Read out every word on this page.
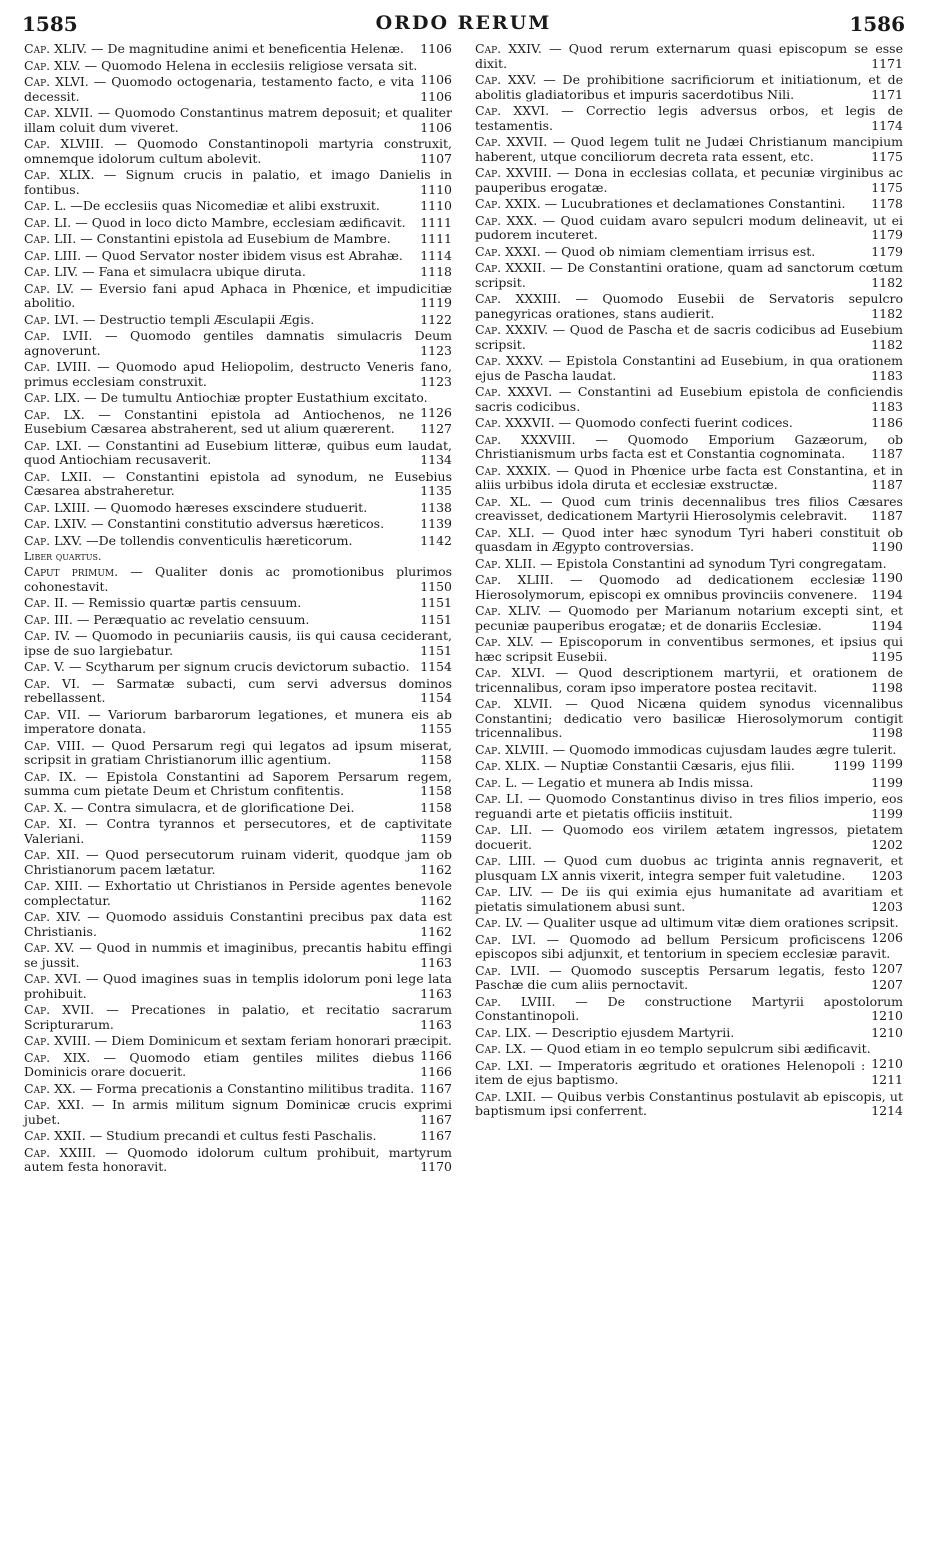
1585	ORDO RERUM	1586
Cap. XLIV. — De magnitudine animi et beneficentia Helenæ.	1106
Cap. XLV. — Quomodo Helena in ecclesiis religiose versata sit.
1106
Cap. XLVI. — Quomodo octogenaria, testamento facto, e vita decessit.	1106
Cap. XLVII. — Quomodo Constantinus matrem deposuit; et qualiter illam coluit dum viveret.	1106
Cap. XLVIII. — Quomodo Constantinopoli martyria construxit, omnemque idolorum cultum abolevit.	1107
Cap. XLIX. — Signum crucis in palatio, et imago Danielis in fontibus.	1110
Cap. L. —De ecclesiis quas Nicomediæ et alibi exstruxit.	1110
Cap. LI. — Quod in loco dicto Mambre, ecclesiam ædificavit.	1111
Cap. LII. — Constantini epistola ad Eusebium de Mambre.	1111
Cap. LIII. — Quod Servator noster ibidem visus est Abrahæ.	1114
Cap. LIV. — Fana et simulacra ubique diruta.	1118
Cap. LV. — Eversio fani apud Aphaca in Phœnice, et impudicitiæ abolitio.	1119
Cap. LVI. — Destructio templi Æsculapii Ægis.	1122
Cap. LVII. — Quomodo gentiles damnatis simulacris Deum agnoverunt.	1123
Cap. LVIII. — Quomodo apud Heliopolim, destructo Veneris fano, primus ecclesiam construxit.	1123
Cap. LIX. — De tumultu Antiochiæ propter Eustathium excitato.
1126
Cap. LX. — Constantini epistola ad Antiochenos, ne Eusebium Cæsarea abstraherent, sed ut alium quærerent.	1127
Cap. LXI. — Constantini ad Eusebium litteræ, quibus eum laudat, quod Antiochiam recusaverit.	1134
Cap. LXII. — Constantini epistola ad synodum, ne Eusebius Cæsarea abstraheretur.	1135
Cap. LXIII. — Quomodo hæreses exscindere studuerit.	1138
Cap. LXIV. — Constantini constitutio adversus hæreticos.	1139
Cap. LXV. —De tollendis conventiculis hæreticorum.	1142
Liber quartus.
Caput primum. — Qualiter donis ac promotionibus plurimos cohonestavit.	1150
Cap. II. — Remissio quartæ partis censuum.	1151
Cap. III. — Peræquatio ac revelatio censuum.	1151
Cap. IV. — Quomodo in pecuniariis causis, iis qui causa ceciderant, ipse de suo largiebatur.	1151
Cap. V. — Scytharum per signum crucis devictorum subactio. 1154
Cap. VI. — Sarmatæ subacti, cum servi adversus dominos rebellassent.	1154
Cap. VII. — Variorum barbarorum legationes, et munera eis ab imperatore donata.	1155
Cap. VIII. — Quod Persarum regi qui legatos ad ipsum miserat, scripsit in gratiam Christianorum illic agentium.	1158
Cap. IX. — Epistola Constantini ad Saporem Persarum regem, summa cum pietate Deum et Christum confitentis.	1158
Cap. X. — Contra simulacra, et de glorificatione Dei.	1158
Cap. XI. — Contra tyrannos et persecutores, et de captivitate Valeriani.	1159
Cap. XII. — Quod persecutorum ruinam viderit, quodque jam ob Christianorum pacem lætatur.	1162
Cap. XIII. — Exhortatio ut Christianos in Perside agentes benevole complectatur.	1162
Cap. XIV. — Quomodo assiduis Constantini precibus pax data est Christianis.	1162
Cap. XV. — Quod in nummis et imaginibus, precantis habitu effingi se jussit.	1163
Cap. XVI. — Quod imagines suas in templis idolorum poni lege lata prohibuit.	1163
Cap. XVII. — Precationes in palatio, et recitatio sacrarum Scripturarum.	1163
Cap. XVIII. — Diem Dominicum et sextam feriam honorari præcipit.
1166
Cap. XIX. — Quomodo etiam gentiles milites diebus Dominicis orare docuerit.	1166
Cap. XX. — Forma precationis a Constantino militibus tradita. 1167
Cap. XXI. — In armis militum signum Dominicæ crucis exprimi jubet.	1167
Cap. XXII. — Studium precandi et cultus festi Paschalis.	1167
Cap. XXIII. — Quomodo idolorum cultum prohibuit, martyrum autem festa honoravit.	1170
Cap. XXIV. — Quod rerum externarum quasi episcopum se esse dixit.	1171
Cap. XXV. — De prohibitione sacrificiorum et initiationum, et de abolitis gladiatoribus et impuris sacerdotibus Nili.	1171
Cap. XXVI. — Correctio legis adversus orbos, et legis de testamentis.	1174
Cap. XXVII. — Quod legem tulit ne Judæi Christianum mancipium haberent, utque conciliorum decreta rata essent, etc.	1175
Cap. XXVIII. — Dona in ecclesias collata, et pecuniæ virginibus ac pauperibus erogatæ.	1175
Cap. XXIX. — Lucubrationes et declamationes Constantini.	1178
Cap. XXX. — Quod cuidam avaro sepulcri modum delineavit, ut ei pudorem incuteret.	1179
Cap. XXXI. — Quod ob nimiam clementiam irrisus est.	1179
Cap. XXXII. — De Constantini oratione, quam ad sanctorum cœtum scripsit.	1182
Cap. XXXIII. — Quomodo Eusebii de Servatoris sepulcro panegyricas orationes, stans audierit.	1182
Cap. XXXIV. — Quod de Pascha et de sacris codicibus ad Eusebium scripsit.	1182
Cap. XXXV. — Epistola Constantini ad Eusebium, in qua orationem ejus de Pascha laudat.	1183
Cap. XXXVI. — Constantini ad Eusebium epistola de conficiendis sacris codicibus.	1183
Cap. XXXVII. — Quomodo confecti fuerint codices.	1186
Cap. XXXVIII. — Quomodo Emporium Gazæorum, ob Christianismum urbs facta est et Constantia cognominata.	1187
Cap. XXXIX. — Quod in Phœnice urbe facta est Constantina, et in aliis urbibus idola diruta et ecclesiæ exstructæ.	1187
Cap. XL. — Quod cum trinis decennalibus tres filios Cæsares creavisset, dedicationem Martyrii Hierosolymis celebravit.	1187
Cap. XLI. — Quod inter hæc synodum Tyri haberi constituit ob quasdam in Ægypto controversias.	1190
Cap. XLII. — Epistola Constantini ad synodum Tyri congregatam.
1190
Cap. XLIII. — Quomodo ad dedicationem ecclesiæ Hierosolymorum, episcopi ex omnibus provinciis convenere.	1194
Cap. XLIV. — Quomodo per Marianum notarium excepti sint, et pecuniæ pauperibus erogatæ; et de donariis Ecclesiæ.	1194
Cap. XLV. — Episcoporum in conventibus sermones, et ipsius qui hæc scripsit Eusebii.	1195
Cap. XLVI. — Quod descriptionem martyrii, et orationem de tricennalibus, coram ipso imperatore postea recitavit.	1198
Cap. XLVII. — Quod Nicæna quidem synodus vicennalibus Constantini; dedicatio vero basilicæ Hierosolymorum contigit tricennalibus.	1198
Cap. XLVIII. — Quomodo immodicas cujusdam laudes ægre tulerit.
1199
Cap. XLIX. — Nuptiæ Constantii Cæsaris, ejus filii.	1199
Cap. L. — Legatio et munera ab Indis missa.	1199
Cap. LI. — Quomodo Constantinus diviso in tres filios imperio, eos reguandi arte et pietatis officiis instituit.	1199
Cap. LII. — Quomodo eos virilem ætatem ingressos, pietatem docuerit.	1202
Cap. LIII. — Quod cum duobus ac triginta annis regnaverit, et plusquam LX annis vixerit, integra semper fuit valetudine.	1203
Cap. LIV. — De iis qui eximia ejus humanitate ad avaritiam et pietatis simulationem abusi sunt.	1203
Cap. LV. — Qualiter usque ad ultimum vitæ diem orationes scripsit.
1206
Cap. LVI. — Quomodo ad bellum Persicum proficiscens episcopos sibi adjunxit, et tentorium in speciem ecclesiæ paravit.
1207
Cap. LVII. — Quomodo susceptis Persarum legatis, festo Paschæ die cum aliis pernoctavit.	1207
Cap. LVIII. — De constructione Martyrii apostolorum Constantinopoli.	1210
Cap. LIX. — Descriptio ejusdem Martyrii.	1210
Cap. LX. — Quod etiam in eo templo sepulcrum sibi ædificavit.
1210
Cap. LXI. — Imperatoris ægritudo et orationes Helenopoli : item de ejus baptismo.	1211
Cap. LXII. — Quibus verbis Constantinus postulavit ab episcopis, ut baptismum ipsi conferrent.	1214
